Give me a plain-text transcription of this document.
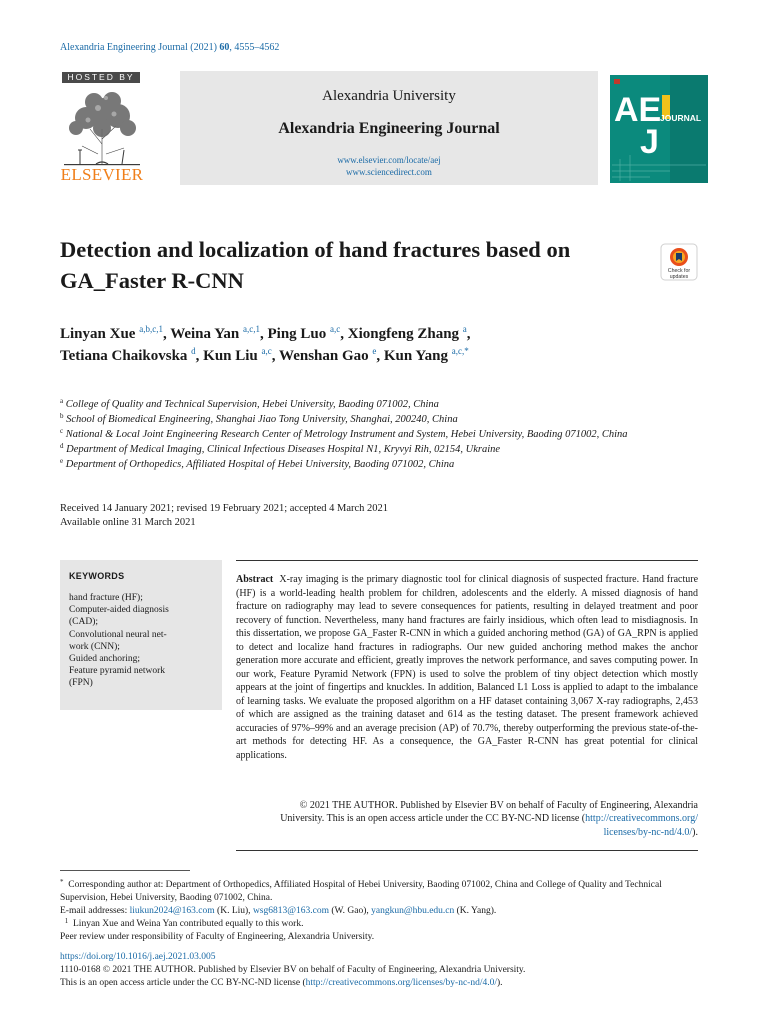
Alexandria Engineering Journal (2021) 60, 4555–4562
HOSTED BY
ELSEVIER
Alexandria University
Alexandria Engineering Journal
www.elsevier.com/locate/aej
www.sciencedirect.com
AE
J
JOURNAL
Detection and localization of hand fractures based on GA_Faster R-CNN	Check for
updates
Linyan Xue $^{a,b,c,1}$, Weina Yan $^{a,c,1}$, Ping Luo $^{a,c}$, Xiongfeng Zhang $^a$,
Tetiana Chaikovska $^d$, Kun Liu $^{a,c}$, Wenshan Gao $^e$, Kun Yang $^{a,c,*}$

$^a$ College of Quality and Technical Supervision, Hebei University, Baoding 071002, China

$^b$ School of Biomedical Engineering, Shanghai Jiao Tong University, Shanghai, 200240, China

$^c$ National & Local Joint Engineering Research Center of Metrology Instrument and System, Hebei University, Baoding 071002, China

$^d$ Department of Medical Imaging, Clinical Infectious Diseases Hospital N1, Kryvyi Rih, 02154, Ukraine

$^e$ Department of Orthopedics, Affiliated Hospital of Hebei University, Baoding 071002, China

Received 14 January 2021; revised 19 February 2021; accepted 4 March 2021
Available online 31 March 2021
KEYWORDS
hand fracture (HF);
Computer-aided diagnosis
(CAD);
Convolutional neural net-
work (CNN);
Guided anchoring;
Feature pyramid network
(FPN)
Abstract X-ray imaging is the primary diagnostic tool for clinical diagnosis of suspected fracture. Hand fracture (HF) is a world-leading health problem for children, adolescents and the elderly. A missed diagnosis of hand fracture on radiography may lead to severe consequences for patients, resulting in delayed treatment and poor recovery of function. Nevertheless, many hand fractures are fairly insidious, which often lead to misdiagnosis. In this dissertation, we propose GA_Faster R-CNN in which a guided anchoring method (GA) of GA_RPN is applied to detect and localize hand fractures in radiographs. Our new guided anchoring method makes the anchor generation more accurate and efficient, greatly improves the network performance, and saves computing power. In our work, Feature Pyramid Network (FPN) is used to solve the problem of tiny object detection which mostly appears at the joint of fingertips and knuckles. In addition, Balanced L1 Loss is applied to adapt to the imbalance of learning tasks. We evaluate the proposed algorithm on a HF dataset containing 3,067 X-ray radiographs, 2,453 of which are assigned as the training dataset and 614 as the testing dataset. The present framework achieved accuracies of 97%–99% and an average precision (AP) of 70.7%, thereby outperforming the previous state-of-the-art methods for detecting HF. As a consequence, the GA_Faster R-CNN has great potential for clinical applications.
© 2021 THE AUTHOR. Published by Elsevier BV on behalf of Faculty of Engineering, Alexandria
University. This is an open access article under the CC BY-NC-ND license (http://creativecommons.org/
licenses/by-nc-nd/4.0/).

* Corresponding author at: Department of Orthopedics, Affiliated Hospital of Hebei University, Baoding 071002, China and College of Quality and Technical Supervision, Hebei University, Baoding 071002, China.

E-mail addresses: liukun2024@163.com (K. Liu), wsg6813@163.com (W. Gao), yangkun@hbu.edu.cn (K. Yang).

$^1$ Linyan Xue and Weina Yan contributed equally to this work.

Peer review under responsibility of Faculty of Engineering, Alexandria University.

https://doi.org/10.1016/j.aej.2021.03.005

1110-0168 © 2021 THE AUTHOR. Published by Elsevier BV on behalf of Faculty of Engineering, Alexandria University.

This is an open access article under the CC BY-NC-ND license (http://creativecommons.org/licenses/by-nc-nd/4.0/).
